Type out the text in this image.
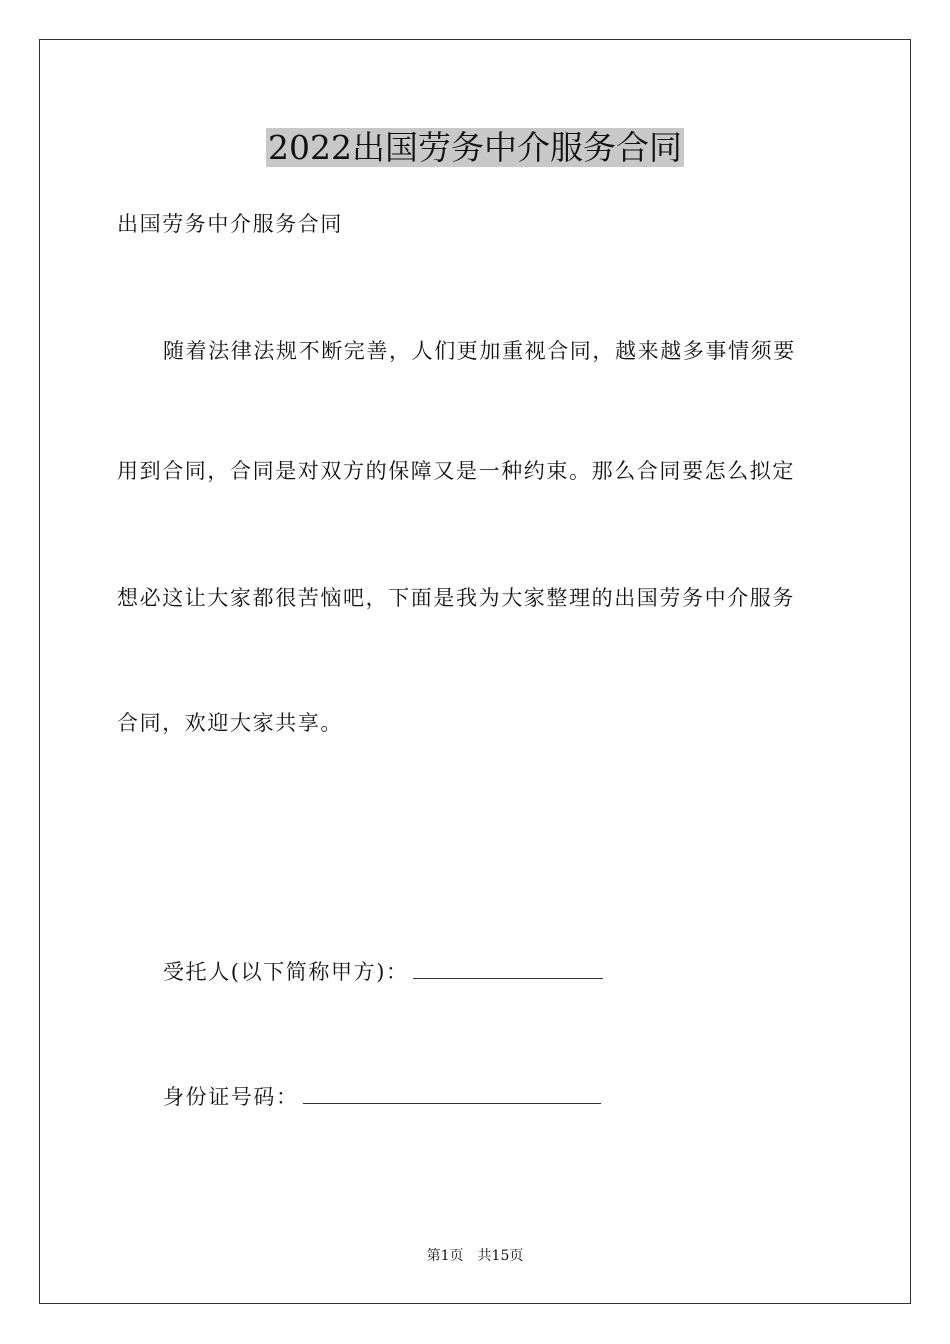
2022出国劳务中介服务合同

出国劳务中介服务合同

随着法律法规不断完善，人们更加重视合同，越来越多事情须要

用到合同，合同是对双方的保障又是一种约束。那么合同要怎么拟定

想必这让大家都很苦恼吧，下面是我为大家整理的出国劳务中介服务

合同，欢迎大家共享。

受托人(以下简称甲方)：

身份证号码：

第1页 共15页
